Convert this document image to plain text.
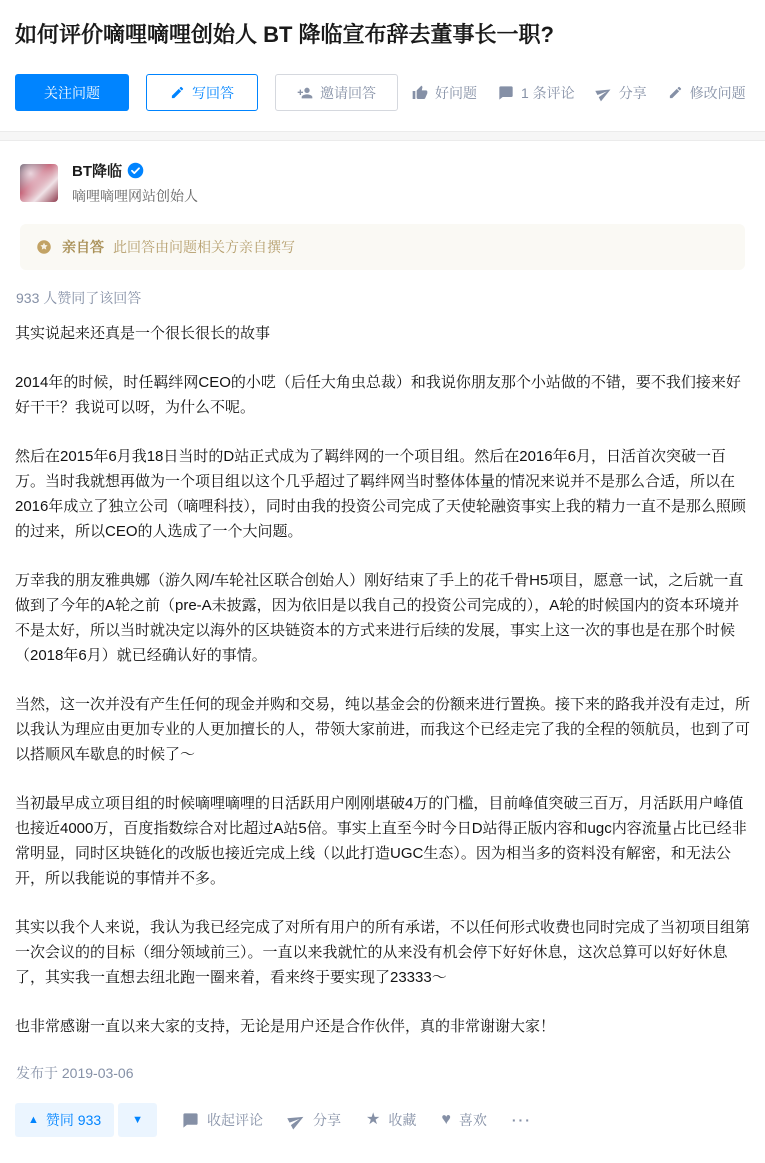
如何评价嘀哩嘀哩创始人 BT 降临宣布辞去董事长一职?
关注问题	写回答	邀请回答	好问题	1 条评论	分享	修改问题
BT降临
嘀哩嘀哩网站创始人
亲自答 此回答由问题相关方亲自撰写
933 人赞同了该回答

其实说起来还真是一个很长很长的故事

2014年的时候，时任羁绊网CEO的小呓（后任大角虫总裁）和我说你朋友那个小站做的不错，要不我们接来好好干干？我说可以呀，为什么不呢。

然后在2015年6月我18日当时的D站正式成为了羁绊网的一个项目组。然后在2016年6月，日活首次突破一百万。当时我就想再做为一个项目组以这个几乎超过了羁绊网当时整体体量的情况来说并不是那么合适，所以在2016年成立了独立公司（嘀哩科技），同时由我的投资公司完成了天使轮融资事实上我的精力一直不是那么照顾的过来，所以CEO的人选成了一个大问题。

万幸我的朋友雅典娜（游久网/车轮社区联合创始人）刚好结束了手上的花千骨H5项目，愿意一试，之后就一直做到了今年的A轮之前（pre-A未披露，因为依旧是以我自己的投资公司完成的），A轮的时候国内的资本环境并不是太好，所以当时就决定以海外的区块链资本的方式来进行后续的发展，事实上这一次的事也是在那个时候（2018年6月）就已经确认好的事情。

当然，这一次并没有产生任何的现金并购和交易，纯以基金会的份额来进行置换。接下来的路我并没有走过，所以我认为理应由更加专业的人更加擅长的人，带领大家前进，而我这个已经走完了我的全程的领航员，也到了可以搭顺风车歇息的时候了～

当初最早成立项目组的时候嘀哩嘀哩的日活跃用户刚刚堪破4万的门槛，目前峰值突破三百万，月活跃用户峰值也接近4000万，百度指数综合对比超过A站5倍。事实上直至今时今日D站得正版内容和ugc内容流量占比已经非常明显，同时区块链化的改版也接近完成上线（以此打造UGC生态）。因为相当多的资料没有解密，和无法公开，所以我能说的事情并不多。

其实以我个人来说，我认为我已经完成了对所有用户的所有承诺，不以任何形式收费也同时完成了当初项目组第一次会议的的目标（细分领域前三）。一直以来我就忙的从来没有机会停下好好休息，这次总算可以好好休息了，其实我一直想去纽北跑一圈来着，看来终于要实现了23333～

也非常感谢一直以来大家的支持，无论是用户还是合作伙伴，真的非常谢谢大家！

发布于 2019-03-06
▲ 赞同 933	▼	收起评论	分享 ★ 收藏 ♥ 喜欢 ···
